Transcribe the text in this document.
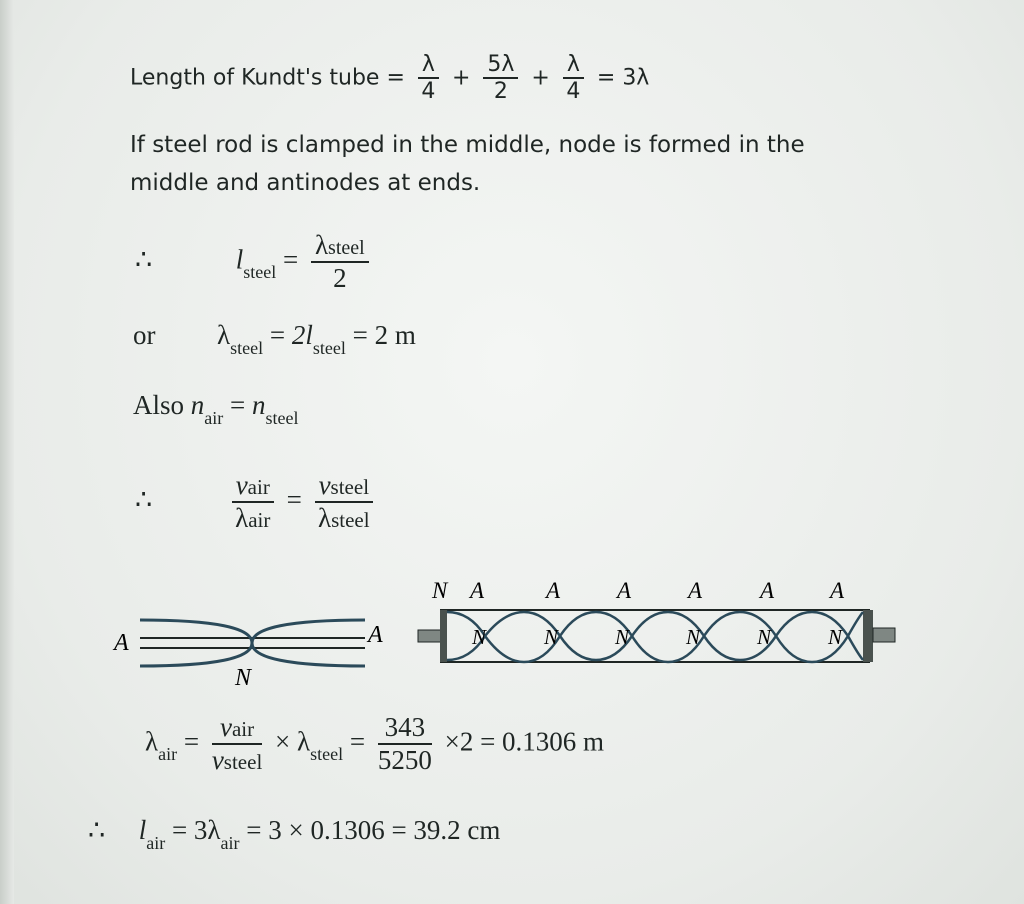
Length of Kundt's tube = $\frac{\lambda}{4} + \frac{5\lambda}{2} + \frac{\lambda}{4} = 3\lambda$
If steel rod is clamped in the middle, node is formed in the
middle and antinodes at ends.
∴	$l_{steel} = \frac{\text{λsteel}}{2}$
or $\lambda_{steel} = 2l_{steel} = 2$ m
Also $n_{air} = n_{steel}$
∴	$\frac{\text{vair}}{\text{λair}} = \frac{\text{vsteel}}{\text{λsteel}}$
A	A
N
N A	A A A	A A
N	N	N	N	N	N
$\lambda_{air} = \frac{\text{vair}}{\text{vsteel}} \times \lambda_{steel} = \frac{343}{5250} \times 2 = 0.1306$ m
∴ $l_{air} = 3\lambda_{air} = 3 \times 0.1306 = 39.2$ cm
